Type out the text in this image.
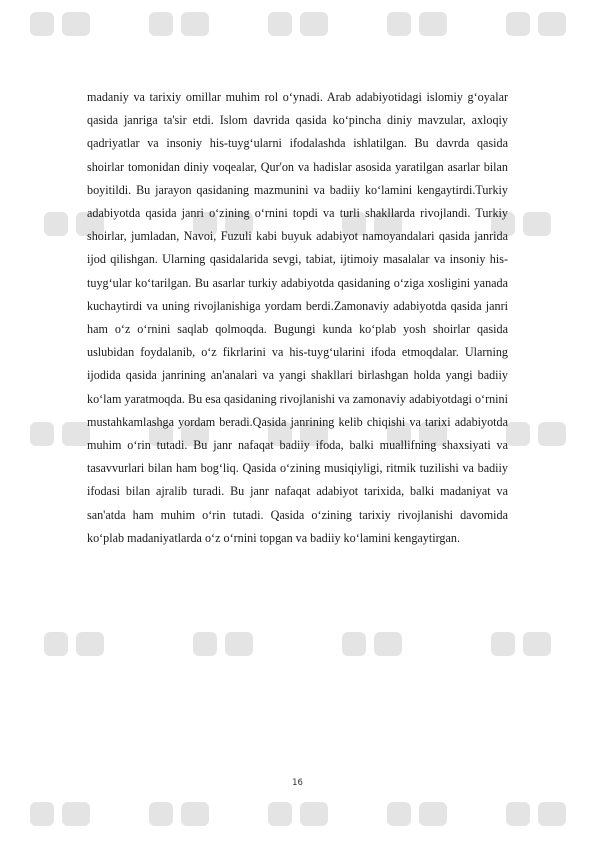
madaniy va tarixiy omillar muhim rol o‘ynadi. Arab adabiyotidagi islomiy g‘oyalar qasida janriga ta'sir etdi. Islom davrida qasida ko‘pincha diniy mavzular, axloqiy qadriyatlar va insoniy his-tuyg‘ularni ifodalashda ishlatilgan. Bu davrda qasida shoirlar tomonidan diniy voqealar, Qur'on va hadislar asosida yaratilgan asarlar bilan boyitildi. Bu jarayon qasidaning mazmunini va badiiy ko‘lamini kengaytirdi.Turkiy adabiyotda qasida janri o‘zining o‘rnini topdi va turli shakllarda rivojlandi. Turkiy shoirlar, jumladan, Navoi, Fuzuli kabi buyuk adabiyot namoyandalari qasida janrida ijod qilishgan. Ularning qasidalarida sevgi, tabiat, ijtimoiy masalalar va insoniy his-tuyg‘ular ko‘tarilgan. Bu asarlar turkiy adabiyotda qasidaning o‘ziga xosligini yanada kuchaytirdi va uning rivojlanishiga yordam berdi.Zamonaviy adabiyotda qasida janri ham o‘z o‘rnini saqlab qolmoqda. Bugungi kunda ko‘plab yosh shoirlar qasida uslubidan foydalanib, o‘z fikrlarini va his-tuyg‘ularini ifoda etmoqdalar. Ularning ijodida qasida janrining an'analari va yangi shakllari birlashgan holda yangi badiiy ko‘lam yaratmoqda. Bu esa qasidaning rivojlanishi va zamonaviy adabiyotdagi o‘rnini mustahkamlashga yordam beradi.Qasida janrining kelib chiqishi va tarixi adabiyotda muhim o‘rin tutadi. Bu janr nafaqat badiiy ifoda, balki muallifning shaxsiyati va tasavvurlari bilan ham bog‘liq. Qasida o‘zining musiqiyligi, ritmik tuzilishi va badiiy ifodasi bilan ajralib turadi. Bu janr nafaqat adabiyot tarixida, balki madaniyat va san'atda ham muhim o‘rin tutadi. Qasida o‘zining tarixiy rivojlanishi davomida ko‘plab madaniyatlarda o‘z o‘rnini topgan va badiiy ko‘lamini kengaytirgan.

16
